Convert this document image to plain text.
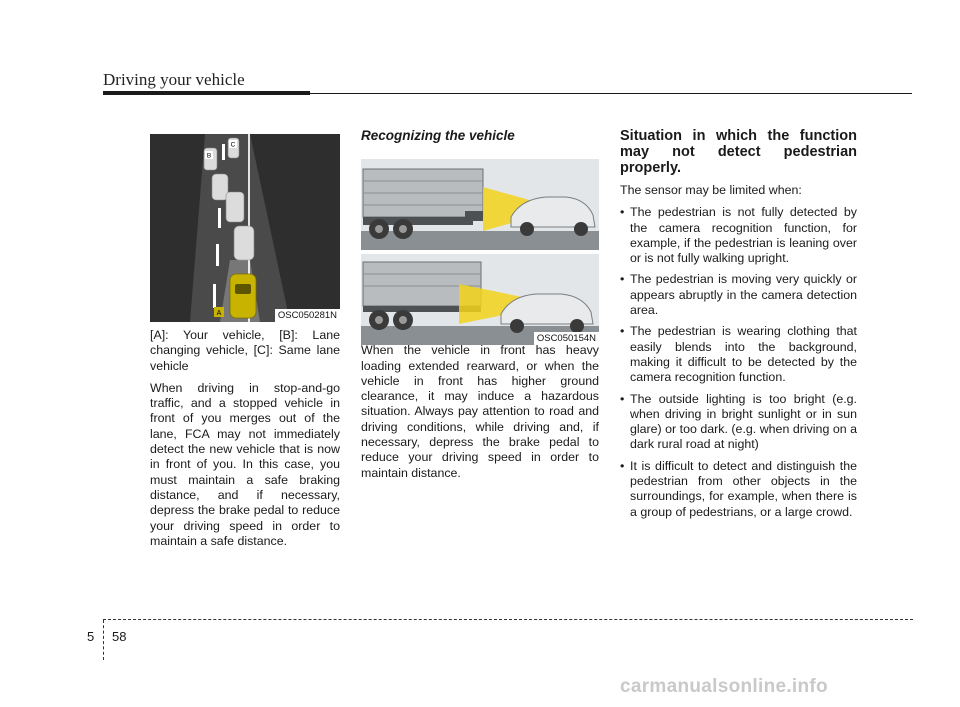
Driving your vehicle
A
B
C
OSC050281N
OSC050154N

[A]: Your vehicle, [B]: Lane changing vehicle, [C]: Same lane vehicle

When driving in stop-and-go traffic, and a stopped vehicle in front of you merges out of the lane, FCA may not immediately detect the new vehicle that is now in front of you. In this case, you must maintain a safe braking distance, and if necessary, depress the brake pedal to reduce your driving speed in order to maintain a safe distance.

Recognizing the vehicle

When the vehicle in front has heavy loading extended rearward, or when the vehicle in front has higher ground clearance, it may induce a hazardous situation. Always pay attention to road and driving conditions, while driving and, if necessary, depress the brake pedal to reduce your driving speed in order to maintain distance.

Situation in which the function may not detect pedestrian properly.

The sensor may be limited when:

• The pedestrian is not fully detected by the camera recognition function, for example, if the pedestrian is leaning over or is not fully walking upright.
• The pedestrian is moving very quickly or appears abruptly in the camera detection area.
• The pedestrian is wearing clothing that easily blends into the background, making it difficult to be detected by the camera recognition function.
• The outside lighting is too bright (e.g. when driving in bright sunlight or in sun glare) or too dark. (e.g. when driving on a dark rural road at night)
• It is difficult to detect and distinguish the pedestrian from other objects in the surroundings, for example, when there is a group of pedestrians, or a large crowd.
5 58
carmanualsonline.info
